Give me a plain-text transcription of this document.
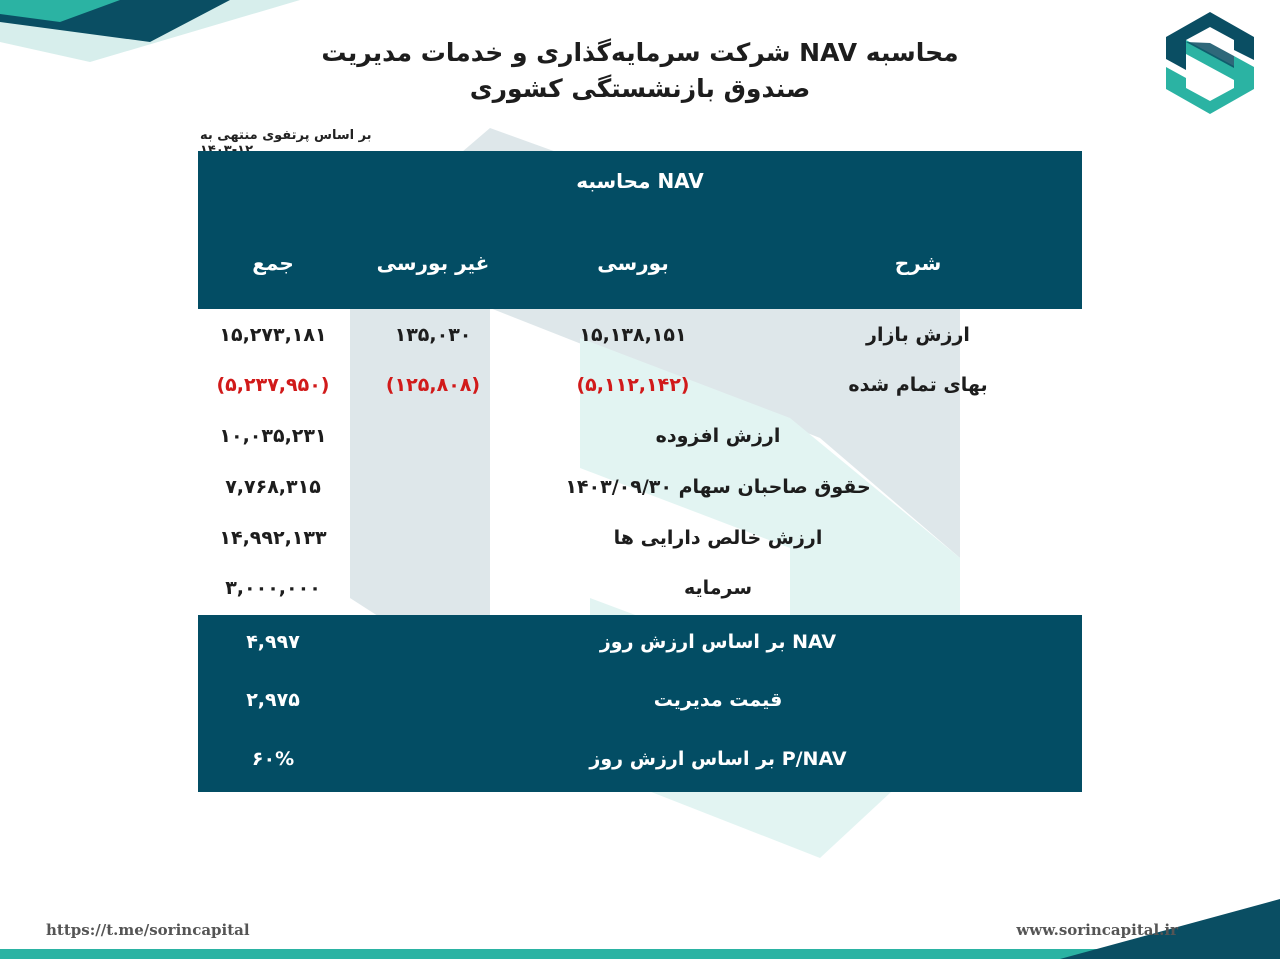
محاسبه NAV شرکت سرمایه‌گذاری و خدمات مدیریت
صندوق بازنشستگی کشوری
بر اساس پرتفوی منتهی به
محاسبه NAV
شرح
بورسی
غیر بورسی
جمع
ارزش بازار
۱۵,۱۳۸,۱۵۱
۱۳۵,۰۳۰
۱۵,۲۷۳,۱۸۱
بهای تمام شده
(۵,۱۱۲,۱۴۲)
(۱۲۵,۸۰۸)
(۵,۲۳۷,۹۵۰)
ارزش افزوده
۱۰,۰۳۵,۲۳۱
حقوق صاحبان سهام ۱۴۰۳/۰۹/۳۰
۷,۷۶۸,۳۱۵
ارزش خالص دارایی ها
۱۴,۹۹۲,۱۳۳
سرمایه
۳,۰۰۰,۰۰۰
NAV بر اساس ارزش روز
۴,۹۹۷
قیمت مدیریت
۲,۹۷۵
P/NAV بر اساس ارزش روز
۶۰%
https://t.me/sorincapital	www.sorincapital.ir
